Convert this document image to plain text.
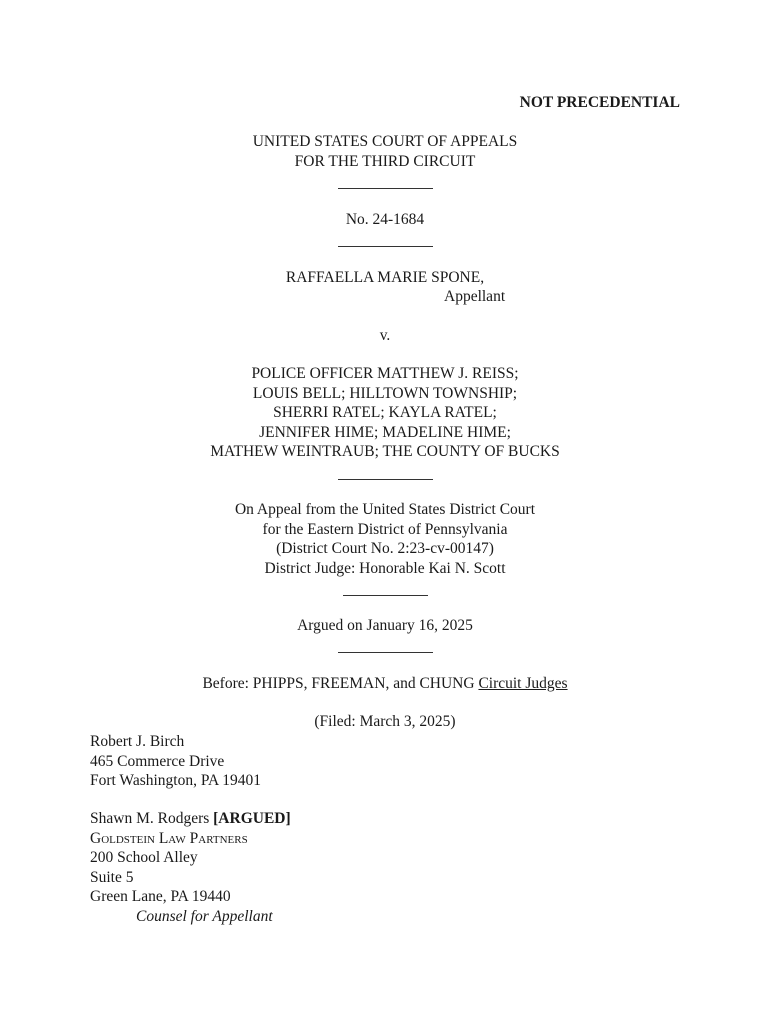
NOT PRECEDENTIAL
UNITED STATES COURT OF APPEALS
FOR THE THIRD CIRCUIT
No. 24-1684
RAFFAELLA MARIE SPONE,
Appellant
v.
POLICE OFFICER MATTHEW J. REISS;
LOUIS BELL; HILLTOWN TOWNSHIP;
SHERRI RATEL; KAYLA RATEL;
JENNIFER HIME; MADELINE HIME;
MATHEW WEINTRAUB; THE COUNTY OF BUCKS
On Appeal from the United States District Court
for the Eastern District of Pennsylvania
(District Court No. 2:23-cv-00147)
District Judge: Honorable Kai N. Scott
Argued on January 16, 2025
Before: PHIPPS, FREEMAN, and CHUNG Circuit Judges
(Filed: March 3, 2025)
Robert J. Birch
465 Commerce Drive
Fort Washington, PA 19401
Shawn M. Rodgers [ARGUED]
Goldstein Law Partners
200 School Alley
Suite 5
Green Lane, PA 19440
Counsel for Appellant
